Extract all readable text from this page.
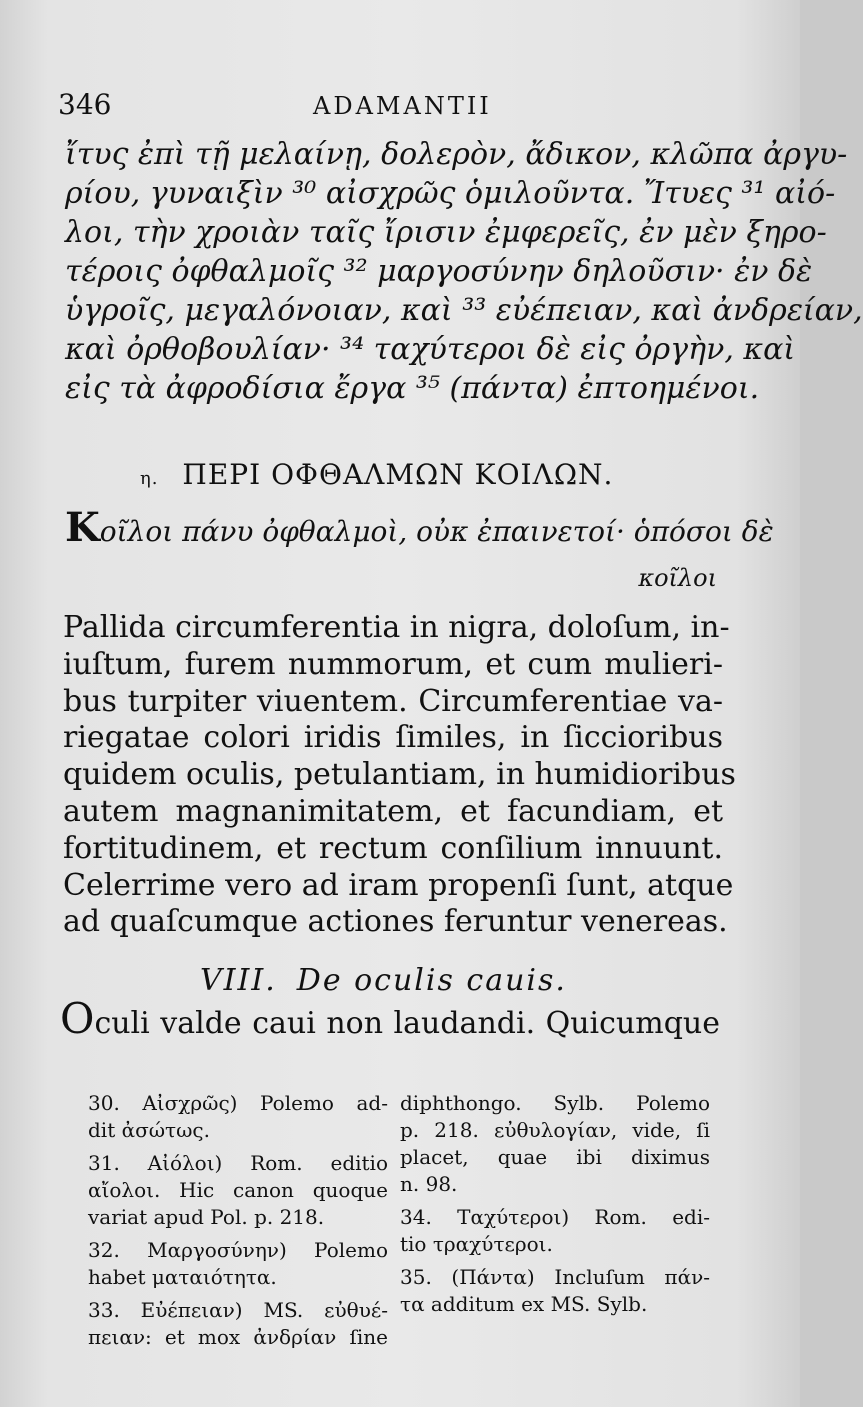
346	ADAMANTII
ἴτυς ἐπὶ τῇ μελαίνῃ, δολερὸν, ἄδικον, κλῶπα ἀργυ-
ρίου, γυναιξὶν ³⁰ αἰσχρῶς ὁμιλοῦντα. Ἴτυες ³¹ αἰό-
λοι, τὴν χροιὰν ταῖς ἴρισιν ἐμφερεῖς, ἐν μὲν ξηρο-
τέροις ὀφθαλμοῖς ³² μαργοσύνην δηλοῦσιν· ἐν δὲ
ὑγροῖς, μεγαλόνοιαν, καὶ ³³ εὐέπειαν, καὶ ἀνδρείαν,
καὶ ὀρθοβουλίαν· ³⁴ ταχύτεροι δὲ εἰς ὀργὴν, καὶ
εἰς τὰ ἀφροδίσια ἔργα ³⁵ (πάντα) ἐπτοημένοι.
η. ΠΕΡΙ ΟΦΘΑΛΜΩΝ ΚΟΙΛΩΝ.
Κοῖλοι πάνυ ὀφθαλμοὶ, οὐκ ἐπαινετοί· ὁπόσοι δὲ
κοῖλοι
Pallida circumferentia in nigra, doloſum, in-
iuſtum, furem nummorum, et cum mulieri-
bus turpiter viuentem. Circumferentiae va-
riegatae colori iridis ſimiles, in ſiccioribus
quidem oculis, petulantiam, in humidioribus
autem magnanimitatem, et facundiam, et
fortitudinem, et rectum conſilium innuunt.
Celerrime vero ad iram propenſi ſunt, atque
ad quaſcumque actiones feruntur venereas.
VIII. De oculis cauis.
Oculi valde caui non laudandi. Quicumque
30. Αἰσχρῶς) Polemo ad-
dit ἀσώτως.
31. Αἰόλοι) Rom. editio
αἴολοι. Hic canon quoque
variat apud Pol. p. 218.
32. Μαργοσύνην) Polemo
habet ματαιότητα.
33. Εὐέπειαν) MS. εὐθυέ-
πειαν: et mox ἀνδρίαν ſine
diphthongo. Sylb. Polemo
p. 218. εὐθυλογίαν, vide, ſi
placet, quae ibi diximus
n. 98.
34. Ταχύτεροι) Rom. edi-
tio τραχύτεροι.
35. (Πάντα) Incluſum πάν-
τα additum ex MS. Sylb.
